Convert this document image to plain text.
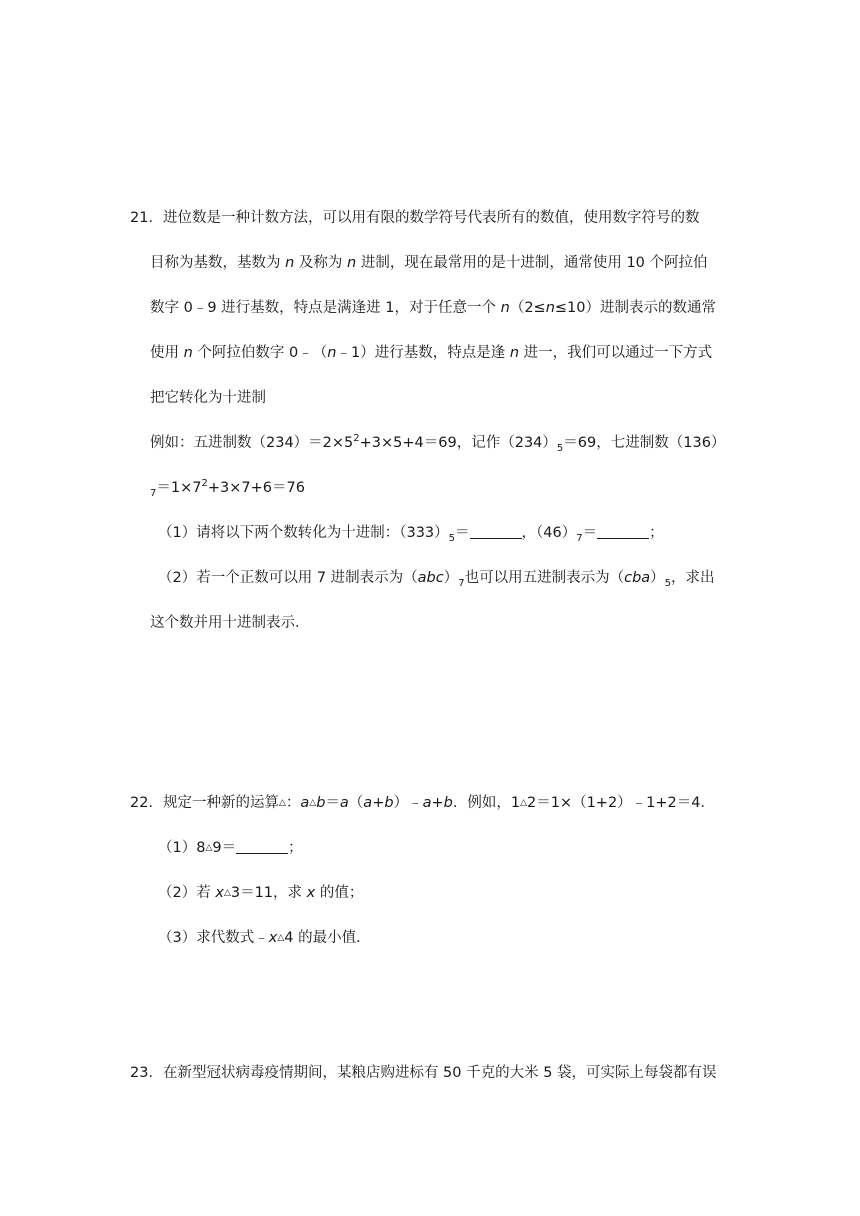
21．进位数是一种计数方法，可以用有限的数学符号代表所有的数值，使用数字符号的数
目称为基数，基数为 n 及称为 n 进制，现在最常用的是十进制，通常使用 10 个阿拉伯
数字 0﹣9 进行基数，特点是满逢进 1，对于任意一个 n（2≤n≤10）进制表示的数通常
使用 n 个阿拉伯数字 0﹣（n﹣1）进行基数，特点是逢 n 进一，我们可以通过一下方式
把它转化为十进制
例如：五进制数$(234)=2\times 5^2+3\times 5+4=69$，记作$(234)_5=69$，七进制数（136）
$_7=1\times 7^2+3\times 7+6=76$
（1）请将以下两个数转化为十进制：$(333)_5=$	，$(46)_7=$	；
（2）若一个正数可以用 7 进制表示为$(abc)_7$也可以用五进制表示为$(cba)_5$，求出
这个数并用十进制表示．
22．规定一种新的运算△：a△b＝a（a+b）﹣a+b．例如，1△2＝1×（1+2）﹣1+2＝4．
（1）8△9＝	；
（2）若 x△3＝11，求 x 的值；
（3）求代数式﹣x△4 的最小值．
23．在新型冠状病毒疫情期间，某粮店购进标有 50 千克的大米 5 袋，可实际上每袋都有误
